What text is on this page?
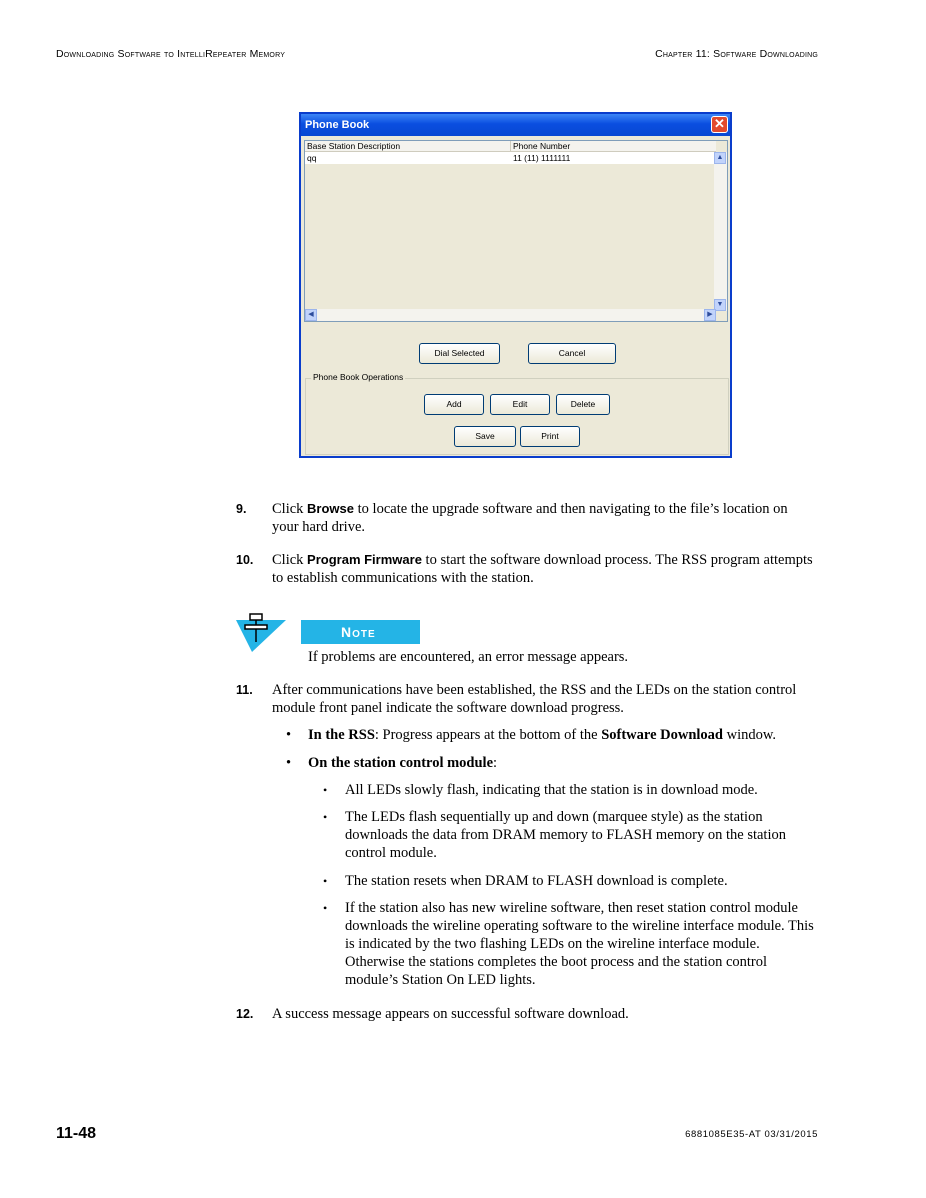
Downloading Software to IntelliRepeater Memory	Chapter 11: Software Downloading
Phone Book	✕
Base Station Description	Phone Number
qq	11 (11) 1111111	▲
▼
◀	▶
Dial Selected	Cancel
Phone Book Operations
Add	Edit	Delete
Save	Print
9. Click Browse to locate the upgrade software and then navigating to the file’s location on your hard drive.
10. Click Program Firmware to start the software download process. The RSS program attempts to establish communications with the station.
Note
If problems are encountered, an error message appears.
11. After communications have been established, the RSS and the LEDs on the station control module front panel indicate the software download progress.
• In the RSS: Progress appears at the bottom of the Software Download window.
• On the station control module:
• All LEDs slowly flash, indicating that the station is in download mode.
• The LEDs flash sequentially up and down (marquee style) as the station downloads the data from DRAM memory to FLASH memory on the station control module.
• The station resets when DRAM to FLASH download is complete.
• If the station also has new wireline software, then reset station control module downloads the wireline operating software to the wireline interface module. This is indicated by the two flashing LEDs on the wireline interface module. Otherwise the stations completes the boot process and the station control module’s Station On LED lights.
12. A success message appears on successful software download.
11-48	6881085E35-AT 03/31/2015
